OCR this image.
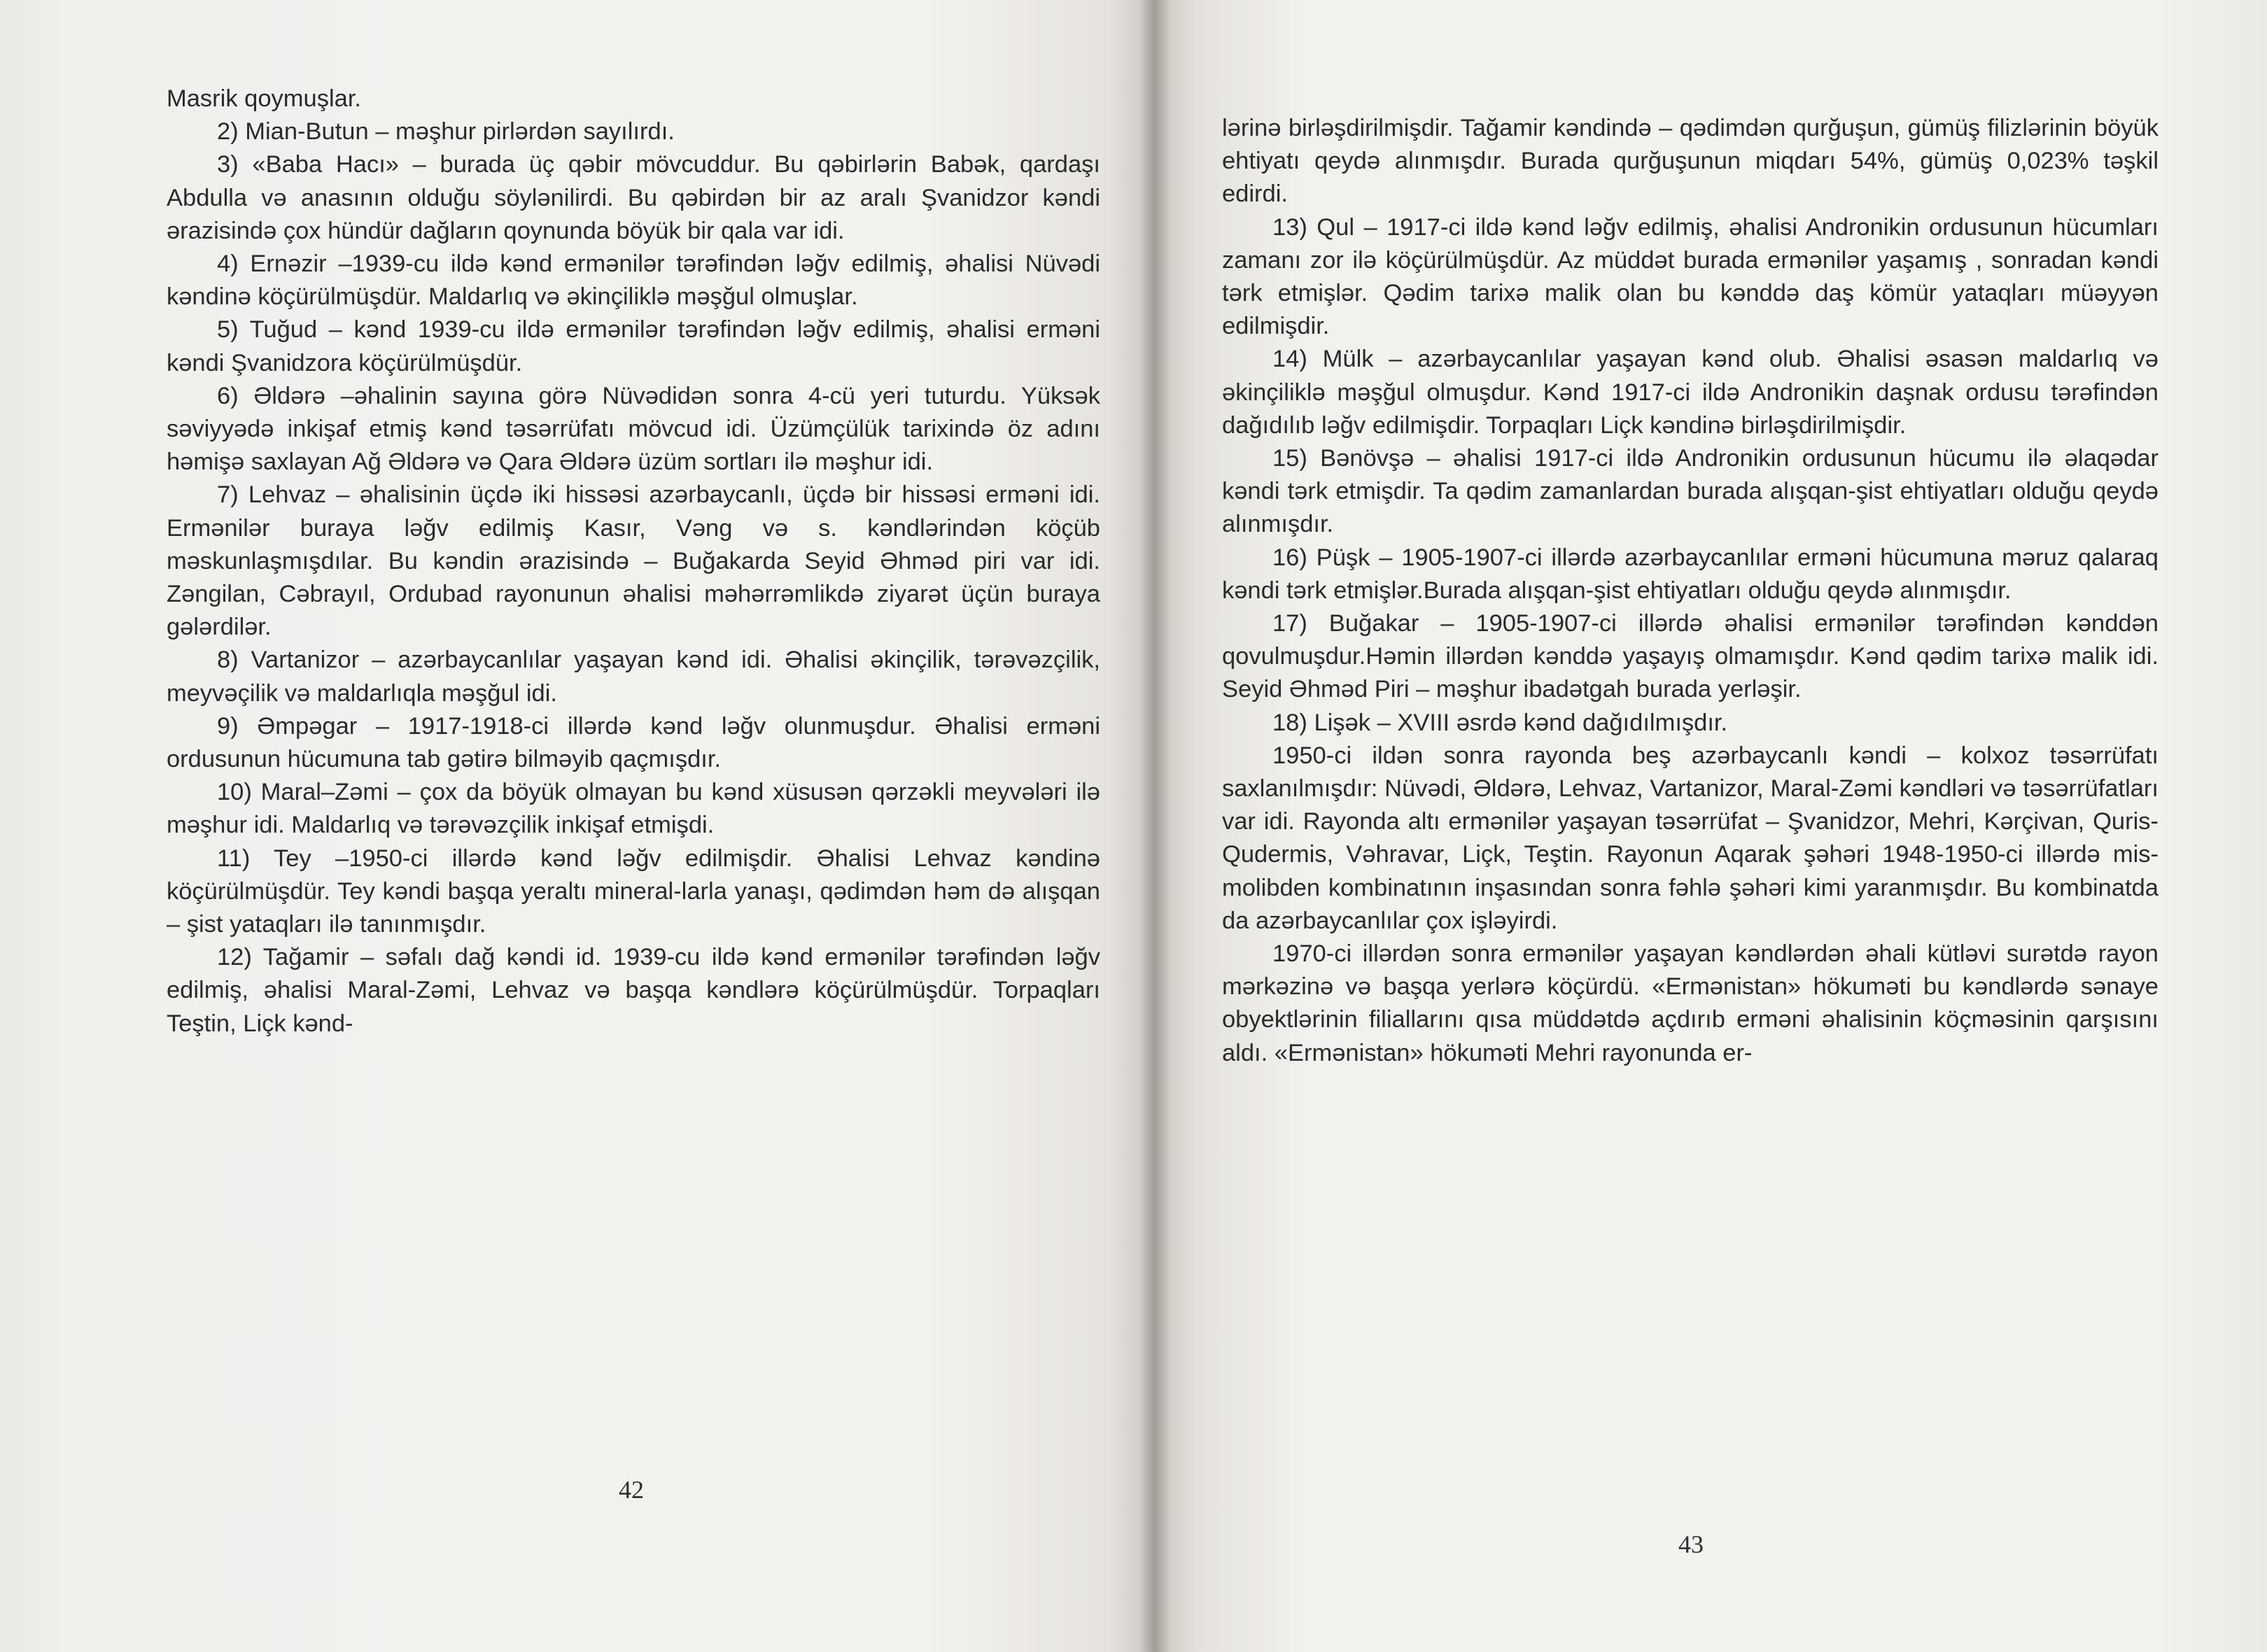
Masrik qoymuşlar.

2) Mian-Butun – məşhur pirlərdən sayılırdı.

3) «Baba Hacı» – burada üç qəbir mövcuddur. Bu qəbirlərin Babək, qardaşı Abdulla və anasının olduğu söylənilirdi. Bu qəbirdən bir az aralı Şvanidzor kəndi ərazisində çox hündür dağların qoynunda böyük bir qala var idi.

4) Ernəzir –1939-cu ildə kənd ermənilər tərəfindən ləğv edilmiş, əhalisi Nüvədi kəndinə köçürülmüşdür. Maldarlıq və əkinçiliklə məşğul olmuşlar.

5) Tuğud – kənd 1939-cu ildə ermənilər tərəfindən ləğv edilmiş, əhalisi erməni kəndi Şvanidzora köçürülmüşdür.

6) Əldərə –əhalinin sayına görə Nüvədidən sonra 4-cü yeri tuturdu. Yüksək səviyyədə inkişaf etmiş kənd təsərrüfatı mövcud idi. Üzümçülük tarixində öz adını həmişə saxlayan Ağ Əldərə və Qara Əldərə üzüm sortları ilə məşhur idi.

7) Lehvaz – əhalisinin üçdə iki hissəsi azərbaycanlı, üçdə bir hissəsi erməni idi. Ermənilər buraya ləğv edilmiş Kasır, Vəng və s. kəndlərindən köçüb məskunlaşmışdılar. Bu kəndin ərazisində – Buğakarda Seyid Əhməd piri var idi. Zəngilan, Cəbrayıl, Ordubad rayonunun əhalisi məhərrəmlikdə ziyarət üçün buraya gələrdilər.

8) Vartanizor – azərbaycanlılar yaşayan kənd idi. Əhalisi əkinçilik, tərəvəzçilik, meyvəçilik və maldarlıqla məşğul idi.

9) Əmpəgar – 1917-1918-ci illərdə kənd ləğv olunmuşdur. Əhalisi erməni ordusunun hücumuna tab gətirə bilməyib qaçmışdır.

10) Maral–Zəmi – çox da böyük olmayan bu kənd xüsusən qərzəkli meyvələri ilə məşhur idi. Maldarlıq və tərəvəzçilik inkişaf etmişdi.

11) Tey –1950-ci illərdə kənd ləğv edilmişdir. Əhalisi Lehvaz kəndinə köçürülmüşdür. Tey kəndi başqa yeraltı mineral-larla yanaşı, qədimdən həm də alışqan – şist yataqları ilə tanınmışdır.

12) Tağamir – səfalı dağ kəndi id. 1939-cu ildə kənd ermənilər tərəfindən ləğv edilmiş, əhalisi Maral-Zəmi, Lehvaz və başqa kəndlərə köçürülmüşdür. Torpaqları Teştin, Liçk kənd-

42

lərinə birləşdirilmişdir. Tağamir kəndində – qədimdən qurğuşun, gümüş filizlərinin böyük ehtiyatı qeydə alınmışdır. Burada qurğuşunun miqdarı 54%, gümüş 0,023% təşkil edirdi.

13) Qul – 1917-ci ildə kənd ləğv edilmiş, əhalisi Andronikin ordusunun hücumları zamanı zor ilə köçürülmüşdür. Az müddət burada ermənilər yaşamış , sonradan kəndi tərk etmişlər. Qədim tarixə malik olan bu kənddə daş kömür yataqları müəyyən edilmişdir.

14) Mülk – azərbaycanlılar yaşayan kənd olub. Əhalisi əsasən maldarlıq və əkinçiliklə məşğul olmuşdur. Kənd 1917-ci ildə Andronikin daşnak ordusu tərəfindən dağıdılıb ləğv edilmişdir. Torpaqları Liçk kəndinə birləşdirilmişdir.

15) Bənövşə – əhalisi 1917-ci ildə Andronikin ordusunun hücumu ilə əlaqədar kəndi tərk etmişdir. Ta qədim zamanlardan burada alışqan-şist ehtiyatları olduğu qeydə alınmışdır.

16) Püşk – 1905-1907-ci illərdə azərbaycanlılar erməni hücumuna məruz qalaraq kəndi tərk etmişlər.Burada alışqan-şist ehtiyatları olduğu qeydə alınmışdır.

17) Buğakar – 1905-1907-ci illərdə əhalisi ermənilər tərəfindən kənddən qovulmuşdur.Həmin illərdən kənddə yaşayış olmamışdır. Kənd qədim tarixə malik idi. Seyid Əhməd Piri – məşhur ibadətgah burada yerləşir.

18) Lişək – XVIII əsrdə kənd dağıdılmışdır.

1950-ci ildən sonra rayonda beş azərbaycanlı kəndi – kolxoz təsərrüfatı saxlanılmışdır: Nüvədi, Əldərə, Lehvaz, Vartanizor, Maral-Zəmi kəndləri və təsərrüfatları var idi. Rayonda altı ermənilər yaşayan təsərrüfat – Şvanidzor, Mehri, Kərçivan, Quris-Qudermis, Vəhravar, Liçk, Teştin. Rayonun Aqarak şəhəri 1948-1950-ci illərdə mis-molibden kombinatının inşasından sonra fəhlə şəhəri kimi yaranmışdır. Bu kombinatda da azərbaycanlılar çox işləyirdi.

1970-ci illərdən sonra ermənilər yaşayan kəndlərdən əhali kütləvi surətdə rayon mərkəzinə və başqa yerlərə köçürdü. «Ermənistan» hökuməti bu kəndlərdə sənaye obyektlərinin filiallarını qısa müddətdə açdırıb erməni əhalisinin köçməsinin qarşısını aldı. «Ermənistan» hökuməti Mehri rayonunda er-

43
